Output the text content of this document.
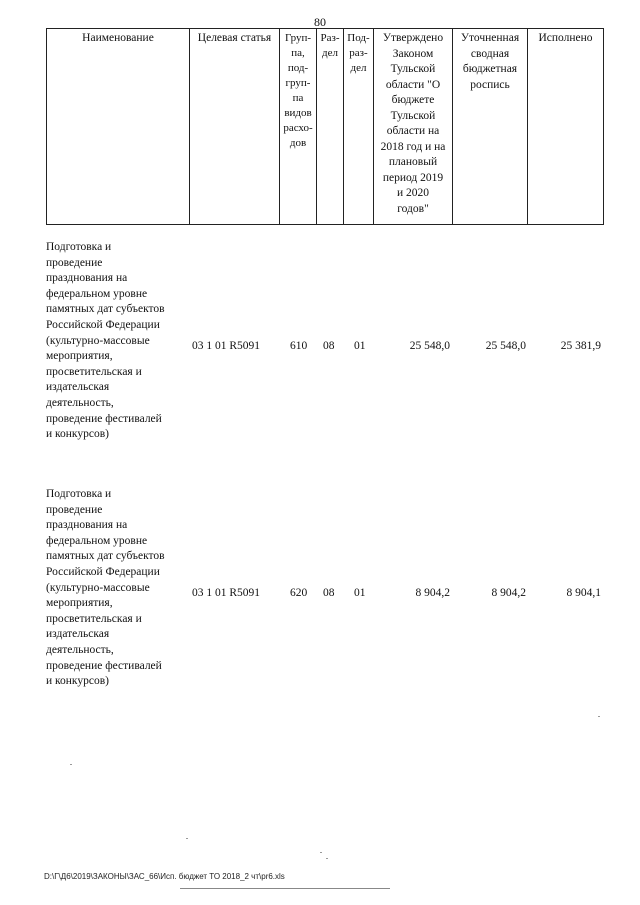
80
Наименование	Целевая статья	Груп-
па,
под-
груп-
па
видов
расхо-
дов	Раз-
дел	Под-
раз-
дел	Утверждено
Законом
Тульской
области "О
бюджете
Тульской
области на
2018 год и на
плановый
период 2019
и 2020
годов"	Уточненная
сводная
бюджетная
роспись	Исполнено
Подготовка и
проведение
празднования на
федеральном уровне
памятных дат субъектов
Российской Федерации
(культурно-массовые
мероприятия,
просветительская и
издательская
деятельность,
проведение фестивалей
и конкурсов)
03 1 01 R5091	610 08 01	25 548,0	25 548,0	25 381,9
Подготовка и
проведение
празднования на
федеральном уровне
памятных дат субъектов
Российской Федерации
(культурно-массовые
мероприятия,
просветительская и
издательская
деятельность,
проведение фестивалей
и конкурсов)
03 1 01 R5091	620 08 01	8 904,2	8 904,2	8 904,1
D:\Г\Д6\2019\ЗАКОНЫ\ЗАС_66\Исп. бюджет ТО 2018_2 чт\pr6.xls
